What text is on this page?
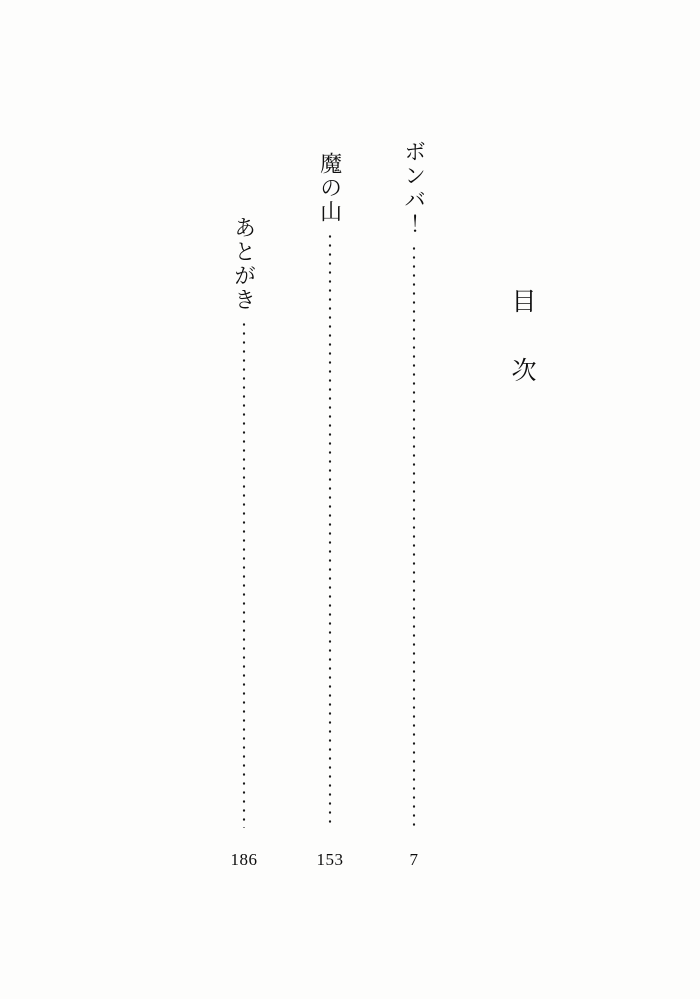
目次
ボンバ！
7
魔の山
153
あとがき
186
